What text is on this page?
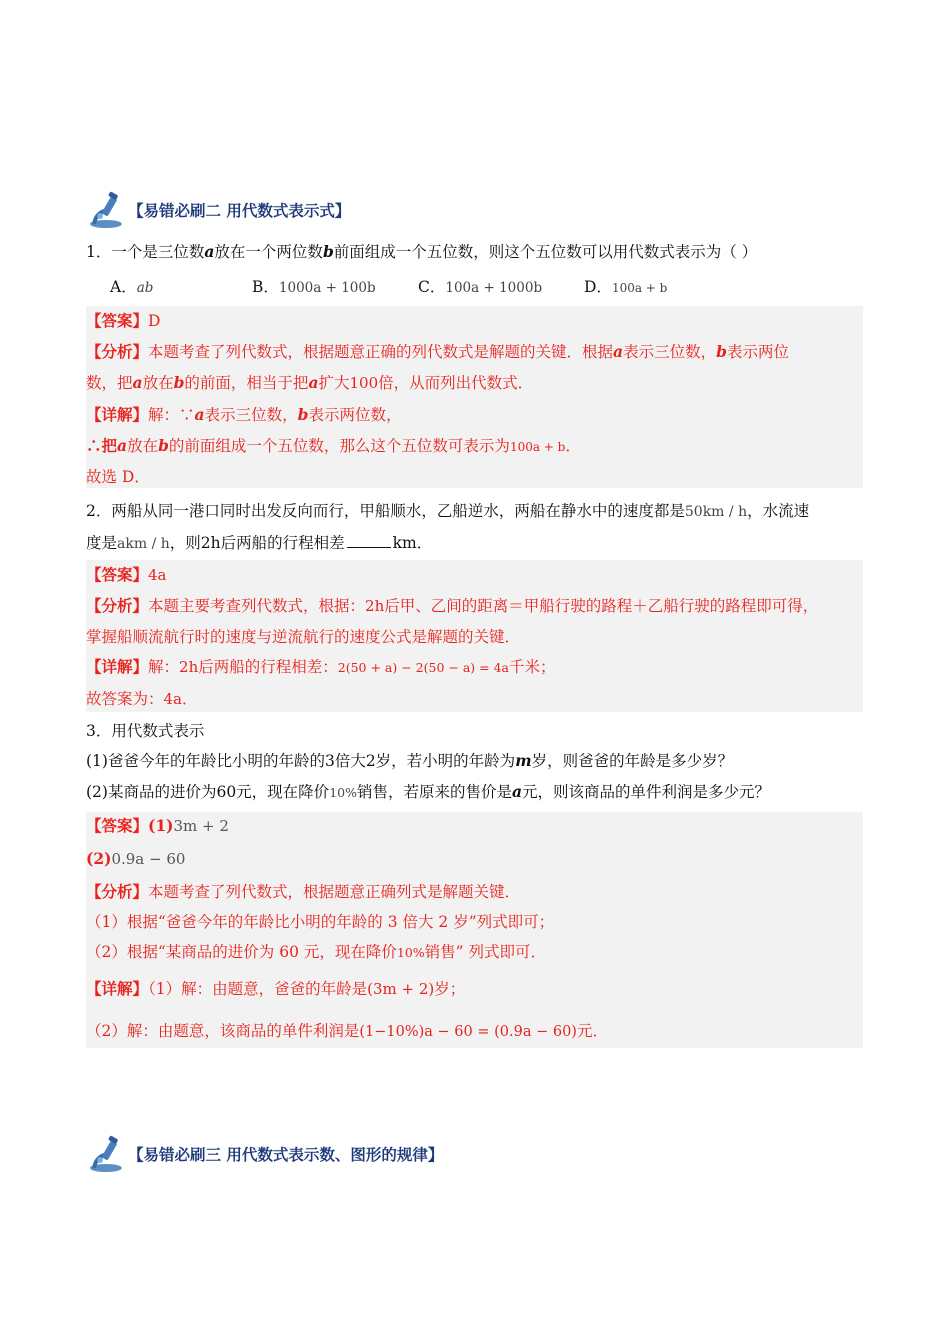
【易错必刷二 用代数式表示式】
1．一个是三位数a放在一个两位数b前面组成一个五位数，则这个五位数可以用代数式表示为（ ）
A．ab	B．1000a + 100b	C．100a + 1000b	D．100a + b
【答案】D
【分析】本题考查了列代数式，根据题意正确的列代数式是解题的关键．根据a表示三位数，b表示两位
数，把a放在b的前面，相当于把a扩大100倍，从而列出代数式．
【详解】解：∵a表示三位数，b表示两位数，
∴把a放在b的前面组成一个五位数，那么这个五位数可表示为100a + b．
故选 D．
2．两船从同一港口同时出发反向而行，甲船顺水，乙船逆水，两船在静水中的速度都是50km / h，水流速
度是akm / h，则2h后两船的行程相差	km．
【答案】4a
【分析】本题主要考查列代数式，根据：2h后甲、乙间的距离＝甲船行驶的路程＋乙船行驶的路程即可得，
掌握船顺流航行时的速度与逆流航行的速度公式是解题的关键．
【详解】解：2h后两船的行程相差：2(50 + a) − 2(50 − a) = 4a千米；
故答案为：4a．
3．用代数式表示
(1)爸爸今年的年龄比小明的年龄的3倍大2岁，若小明的年龄为m岁，则爸爸的年龄是多少岁？
(2)某商品的进价为60元，现在降价10%销售，若原来的售价是a元，则该商品的单件利润是多少元？
【答案】(1)3m + 2
(2)0.9a − 60
【分析】本题考查了列代数式，根据题意正确列式是解题关键．
（1）根据“爸爸今年的年龄比小明的年龄的 3 倍大 2 岁”列式即可；
（2）根据“某商品的进价为 60 元，现在降价10%销售” 列式即可．
【详解】（1）解：由题意，爸爸的年龄是(3m + 2)岁；
（2）解：由题意，该商品的单件利润是(1−10%)a − 60 = (0.9a − 60)元．
【易错必刷三 用代数式表示数、图形的规律】
